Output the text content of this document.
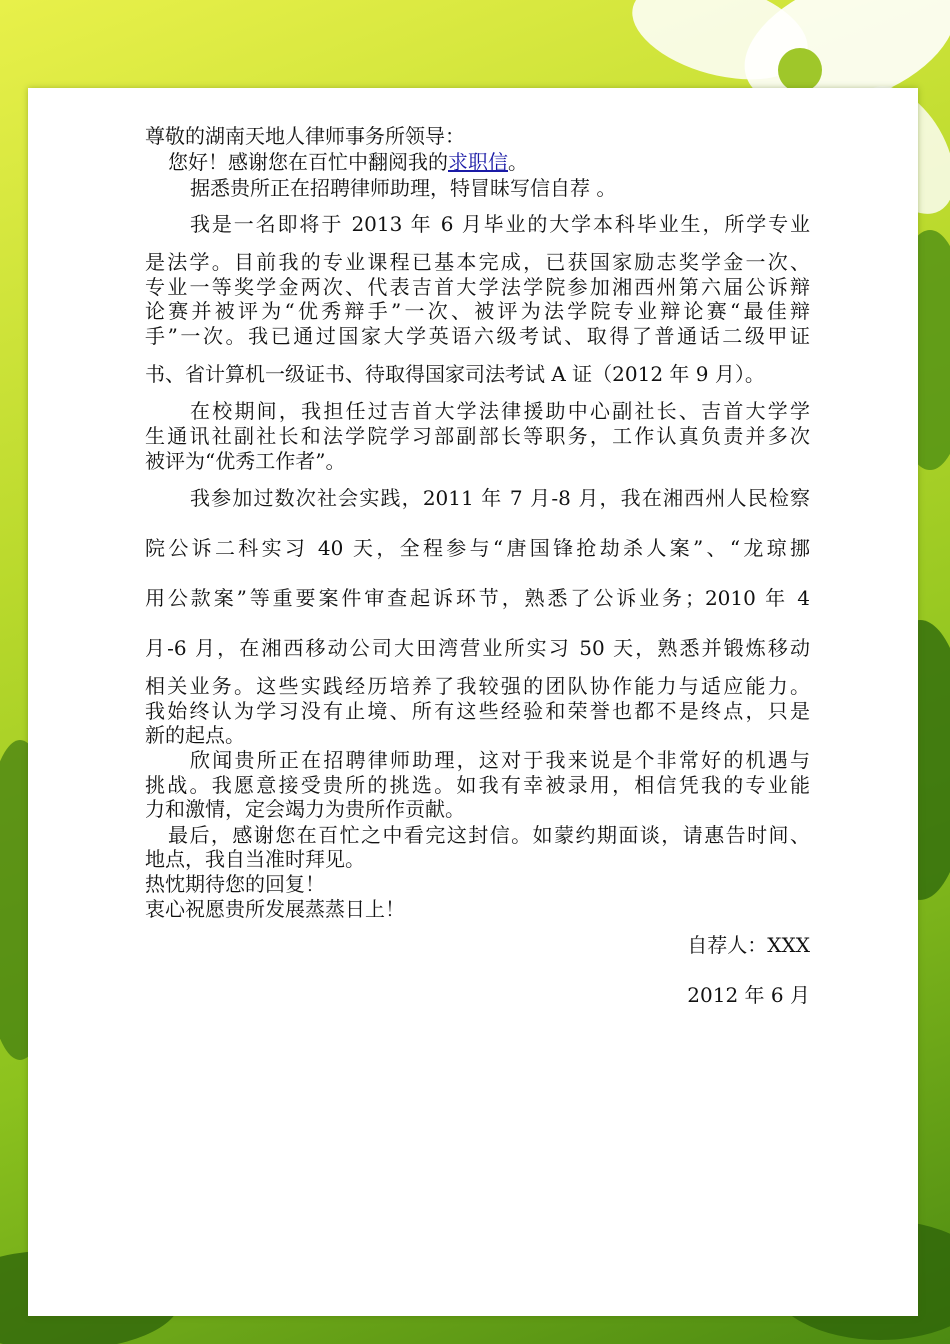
尊敬的湖南天地人律师事务所领导：
您好！感谢您在百忙中翻阅我的求职信。
据悉贵所正在招聘律师助理，特冒昧写信自荐 。
我是一名即将于 2013 年 6 月毕业的大学本科毕业生，所学专业
是法学。目前我的专业课程已基本完成，已获国家励志奖学金一次、
专业一等奖学金两次、代表吉首大学法学院参加湘西州第六届公诉辩
论赛并被评为“优秀辩手”一次、被评为法学院专业辩论赛“最佳辩
手”一次。我已通过国家大学英语六级考试、取得了普通话二级甲证
书、省计算机一级证书、待取得国家司法考试 A 证（2012 年 9 月）。
在校期间，我担任过吉首大学法律援助中心副社长、吉首大学学
生通讯社副社长和法学院学习部副部长等职务，工作认真负责并多次
被评为“优秀工作者”。
我参加过数次社会实践，2011 年 7 月-8 月，我在湘西州人民检察
院公诉二科实习 40 天，全程参与“唐国锋抢劫杀人案”、“龙琼挪
用公款案”等重要案件审查起诉环节，熟悉了公诉业务；2010 年 4
月-6 月，在湘西移动公司大田湾营业所实习 50 天，熟悉并锻炼移动
相关业务。这些实践经历培养了我较强的团队协作能力与适应能力。
我始终认为学习没有止境、所有这些经验和荣誉也都不是终点，只是
新的起点。
欣闻贵所正在招聘律师助理，这对于我来说是个非常好的机遇与
挑战。我愿意接受贵所的挑选。如我有幸被录用，相信凭我的专业能
力和激情，定会竭力为贵所作贡献。
最后，感谢您在百忙之中看完这封信。如蒙约期面谈，请惠告时间、
地点，我自当准时拜见。
热忱期待您的回复！
衷心祝愿贵所发展蒸蒸日上！
自荐人：XXX
2012 年 6 月
